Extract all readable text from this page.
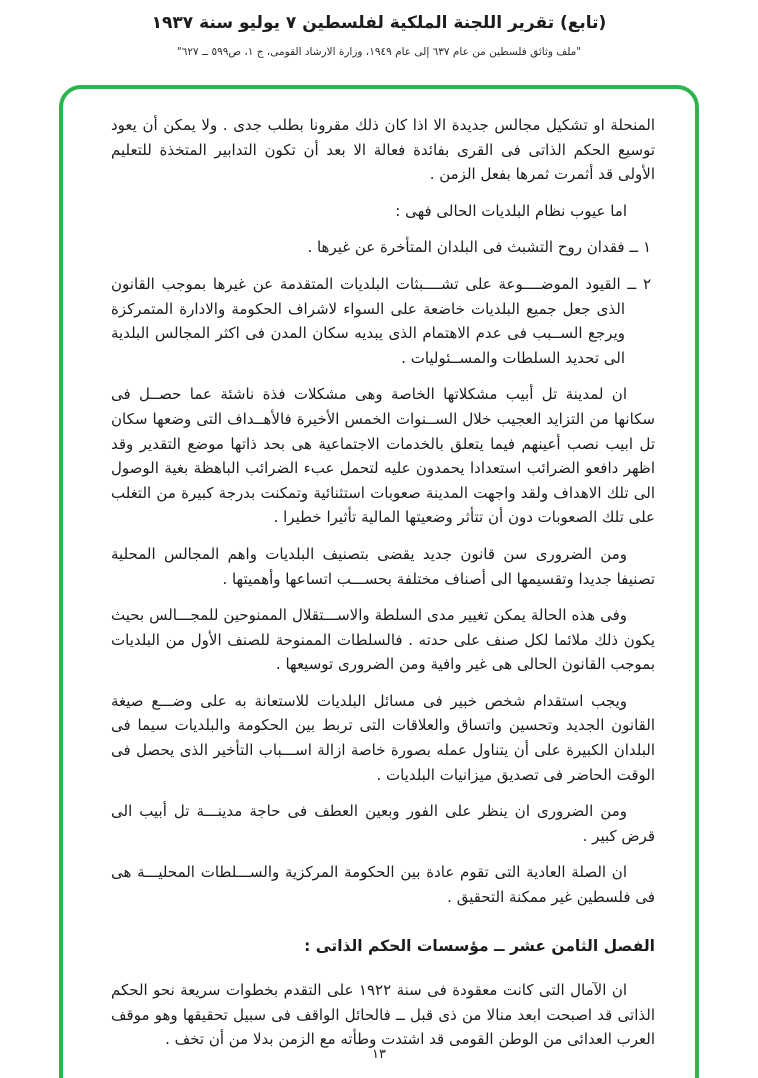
(تابع) تقرير اللجنة الملكية لفلسطين ٧ يوليو سنة ١٩٣٧
"ملف وثائق فلسطين من عام ٦٣٧ إلى عام ١٩٤٩، وزارة الارشاد القومى، ج ١، ص٥٩٩ ــ ٦٢٧"

المنحلة او تشكيل مجالس جديدة الا اذا كان ذلك مقرونا بطلب جدى . ولا يمكن أن يعود توسيع الحكم الذاتى فى القرى بفائدة فعالة الا بعد أن تكون التدابير المتخذة للتعليم الأولى قد أثمرت ثمرها بفعل الزمن .

اما عيوب نظام البلديات الحالى فهى :

١ ــ فقدان روح التشبث فى البلدان المتأخرة عن غيرها .

٢ ــ القيود الموضــــوعة على تشــــبثات البلديات المتقدمة عن غيرها بموجب القانون الذى جعل جميع البلديات خاضعة على السواء لاشراف الحكومة والادارة المتمركزة ويرجع الســبب فى عدم الاهتمام الذى يبديه سكان المدن فى اكثر المجالس البلدية الى تحديد السلطات والمســئوليات .

ان لمدينة تل أبيب مشكلاتها الخاصة وهى مشكلات فذة ناشئة عما حصــل فى سكانها من التزايد العجيب خلال الســنوات الخمس الأخيرة فالأهــداف التى وضعها سكان تل ابيب نصب أعينهم فيما يتعلق بالخدمات الاجتماعية هى بحد ذاتها موضع التقدير وقد اظهر دافعو الضرائب استعدادا يحمدون عليه لتحمل عبء الضرائب الباهظة بغية الوصول الى تلك الاهداف ولقد واجهت المدينة صعوبات استثنائية وتمكنت بدرجة كبيرة من التغلب على تلك الصعوبات دون أن تتأثر وضعيتها المالية تأثيرا خطيرا .

ومن الضرورى سن قانون جديد يقضى بتصنيف البلديات واهم المجالس المحلية تصنيفا جديدا وتقسيمها الى أصناف مختلفة بحســـب اتساعها وأهميتها .

وفى هذه الحالة يمكن تغيير مدى السلطة والاســـتقلال الممنوحين للمجـــالس بحيث يكون ذلك ملائما لكل صنف على حدته . فالسلطات الممنوحة للصنف الأول من البلديات بموجب القانون الحالى هى غير وافية ومن الضرورى توسيعها .

ويجب استقدام شخص خبير فى مسائل البلديات للاستعانة به على وضـــع صيغة القانون الجديد وتحسين واتساق والعلاقات التى تربط بين الحكومة والبلديات سيما فى البلدان الكبيرة على أن يتناول عمله بصورة خاصة ازالة اســـباب التأخير الذى يحصل فى الوقت الحاضر فى تصديق ميزانيات البلديات .

ومن الضرورى ان ينظر على الفور وبعين العطف فى حاجة مدينـــة تل أبيب الى قرض كبير .

ان الصلة العادية التى تقوم عادة بين الحكومة المركزية والســـلطات المحليـــة هى فى فلسطين غير ممكنة التحقيق .

الفصل الثامن عشر ــ مؤسسات الحكم الذاتى :

ان الآمال التى كانت معقودة فى سنة ١٩٢٢ على التقدم بخطوات سريعة نحو الحكم الذاتى قد اصبحت ابعد منالا من ذى قبل ــ فالحائل الواقف فى سبيل تحقيقها وهو موقف العرب العدائى من الوطن القومى قد اشتدت وطأته مع الزمن بدلا من أن تخف .

١٣
